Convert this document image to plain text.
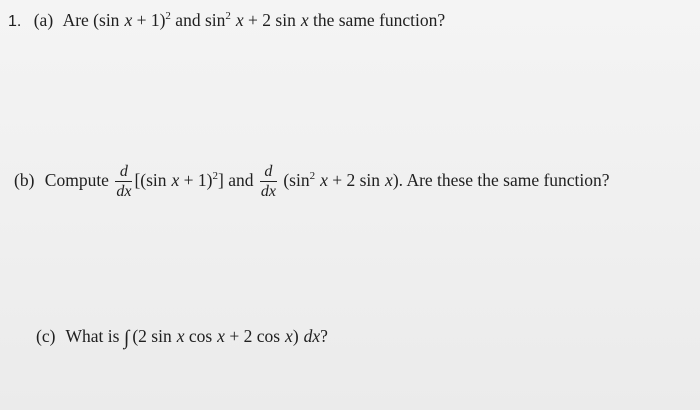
1. (a) Are (sin x + 1)$^2$ and $\sin^2 x + 2$ sin x the same function?
(b) Compute $\frac{d}{dx} [(\sin$ x + 1)$^2$] and $\frac{d}{dx} (\sin^2$ x + 2 sin x). Are these the same function?
(c) What is ∫ (2 sin x cos x + 2 cos x) dx?
